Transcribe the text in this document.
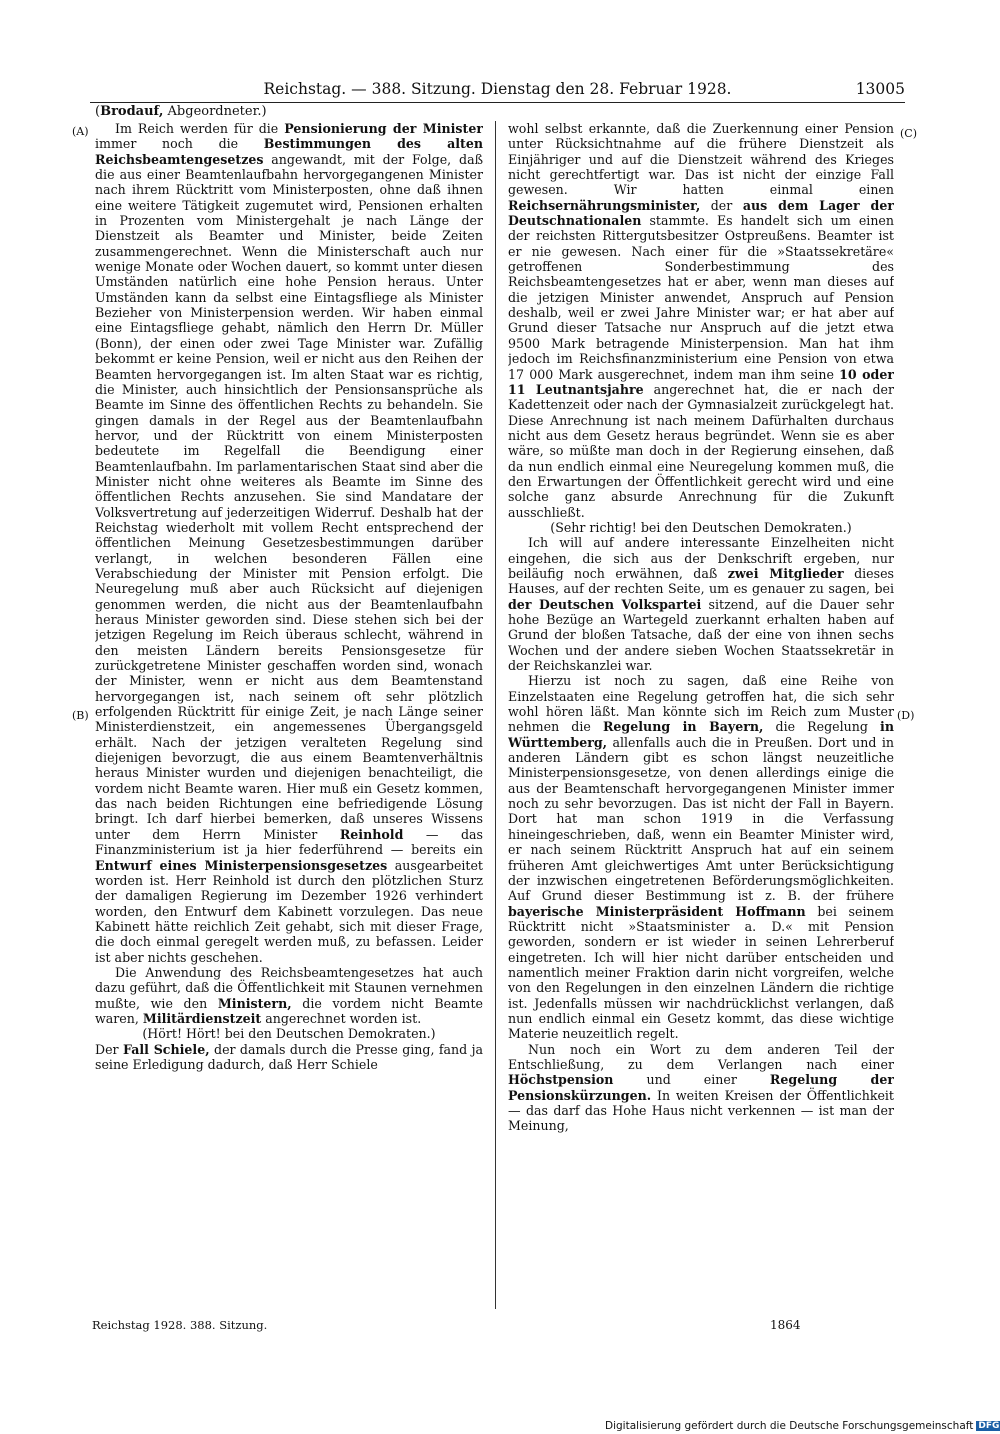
Reichstag. — 388. Sitzung. Dienstag den 28. Februar 1928.	13005
(Brodauf, Abgeordneter.)
(A)
(B)
(C)
(D)

Im Reich werden für die Pensionierung der Minister immer noch die Bestimmungen des alten Reichsbeamtengesetzes angewandt, mit der Folge, daß die aus einer Beamtenlaufbahn hervorgegangenen Minister nach ihrem Rücktritt vom Ministerposten, ohne daß ihnen eine weitere Tätigkeit zugemutet wird, Pensionen erhalten in Prozenten vom Ministergehalt je nach Länge der Dienstzeit als Beamter und Minister, beide Zeiten zusammengerechnet. Wenn die Ministerschaft auch nur wenige Monate oder Wochen dauert, so kommt unter diesen Umständen natürlich eine hohe Pension heraus. Unter Umständen kann da selbst eine Eintagsfliege als Minister Bezieher von Ministerpension werden. Wir haben einmal eine Eintagsfliege gehabt, nämlich den Herrn Dr. Müller (Bonn), der einen oder zwei Tage Minister war. Zufällig bekommt er keine Pension, weil er nicht aus den Reihen der Beamten hervorgegangen ist. Im alten Staat war es richtig, die Minister, auch hinsichtlich der Pensionsansprüche als Beamte im Sinne des öffentlichen Rechts zu behandeln. Sie gingen damals in der Regel aus der Beamtenlaufbahn hervor, und der Rücktritt von einem Ministerposten bedeutete im Regelfall die Beendigung einer Beamtenlaufbahn. Im parlamentarischen Staat sind aber die Minister nicht ohne weiteres als Beamte im Sinne des öffentlichen Rechts anzusehen. Sie sind Mandatare der Volksvertretung auf jederzeitigen Widerruf. Deshalb hat der Reichstag wiederholt mit vollem Recht entsprechend der öffentlichen Meinung Gesetzesbestimmungen darüber verlangt, in welchen besonderen Fällen eine Verabschiedung der Minister mit Pension erfolgt. Die Neuregelung muß aber auch Rücksicht auf diejenigen genommen werden, die nicht aus der Beamtenlaufbahn heraus Minister geworden sind. Diese stehen sich bei der jetzigen Regelung im Reich überaus schlecht, während in den meisten Ländern bereits Pensionsgesetze für zurückgetretene Minister geschaffen worden sind, wonach der Minister, wenn er nicht aus dem Beamtenstand hervorgegangen ist, nach seinem oft sehr plötzlich erfolgenden Rücktritt für einige Zeit, je nach Länge seiner Ministerdienstzeit, ein angemessenes Übergangsgeld erhält. Nach der jetzigen veralteten Regelung sind diejenigen bevorzugt, die aus einem Beamtenverhältnis heraus Minister wurden und diejenigen benachteiligt, die vordem nicht Beamte waren. Hier muß ein Gesetz kommen, das nach beiden Richtungen eine befriedigende Lösung bringt. Ich darf hierbei bemerken, daß unseres Wissens unter dem Herrn Minister Reinhold — das Finanzministerium ist ja hier federführend — bereits ein Entwurf eines Ministerpensionsgesetzes ausgearbeitet worden ist. Herr Reinhold ist durch den plötzlichen Sturz der damaligen Regierung im Dezember 1926 verhindert worden, den Entwurf dem Kabinett vorzulegen. Das neue Kabinett hätte reichlich Zeit gehabt, sich mit dieser Frage, die doch einmal geregelt werden muß, zu befassen. Leider ist aber nichts geschehen.

Die Anwendung des Reichsbeamtengesetzes hat auch dazu geführt, daß die Öffentlichkeit mit Staunen vernehmen mußte, wie den Ministern, die vordem nicht Beamte waren, Militärdienstzeit angerechnet worden ist.

(Hört! Hört! bei den Deutschen Demokraten.)

Der Fall Schiele, der damals durch die Presse ging, fand ja seine Erledigung dadurch, daß Herr Schiele

wohl selbst erkannte, daß die Zuerkennung einer Pension unter Rücksichtnahme auf die frühere Dienstzeit als Einjähriger und auf die Dienstzeit während des Krieges nicht gerechtfertigt war. Das ist nicht der einzige Fall gewesen. Wir hatten einmal einen Reichsernährungsminister, der aus dem Lager der Deutschnationalen stammte. Es handelt sich um einen der reichsten Rittergutsbesitzer Ostpreußens. Beamter ist er nie gewesen. Nach einer für die »Staatssekretäre« getroffenen Sonderbestimmung des Reichsbeamtengesetzes hat er aber, wenn man dieses auf die jetzigen Minister anwendet, Anspruch auf Pension deshalb, weil er zwei Jahre Minister war; er hat aber auf Grund dieser Tatsache nur Anspruch auf die jetzt etwa 9500 Mark betragende Ministerpension. Man hat ihm jedoch im Reichsfinanzministerium eine Pension von etwa 17 000 Mark ausgerechnet, indem man ihm seine 10 oder 11 Leutnantsjahre angerechnet hat, die er nach der Kadettenzeit oder nach der Gymnasialzeit zurückgelegt hat. Diese Anrechnung ist nach meinem Dafürhalten durchaus nicht aus dem Gesetz heraus begründet. Wenn sie es aber wäre, so müßte man doch in der Regierung einsehen, daß da nun endlich einmal eine Neuregelung kommen muß, die den Erwartungen der Öffentlichkeit gerecht wird und eine solche ganz absurde Anrechnung für die Zukunft ausschließt.

(Sehr richtig! bei den Deutschen Demokraten.)

Ich will auf andere interessante Einzelheiten nicht eingehen, die sich aus der Denkschrift ergeben, nur beiläufig noch erwähnen, daß zwei Mitglieder dieses Hauses, auf der rechten Seite, um es genauer zu sagen, bei der Deutschen Volkspartei sitzend, auf die Dauer sehr hohe Bezüge an Wartegeld zuerkannt erhalten haben auf Grund der bloßen Tatsache, daß der eine von ihnen sechs Wochen und der andere sieben Wochen Staatssekretär in der Reichskanzlei war.

Hierzu ist noch zu sagen, daß eine Reihe von Einzelstaaten eine Regelung getroffen hat, die sich sehr wohl hören läßt. Man könnte sich im Reich zum Muster nehmen die Regelung in Bayern, die Regelung in Württemberg, allenfalls auch die in Preußen. Dort und in anderen Ländern gibt es schon längst neuzeitliche Ministerpensionsgesetze, von denen allerdings einige die aus der Beamtenschaft hervorgegangenen Minister immer noch zu sehr bevorzugen. Das ist nicht der Fall in Bayern. Dort hat man schon 1919 in die Verfassung hineingeschrieben, daß, wenn ein Beamter Minister wird, er nach seinem Rücktritt Anspruch hat auf ein seinem früheren Amt gleichwertiges Amt unter Berücksichtigung der inzwischen eingetretenen Beförderungsmöglichkeiten. Auf Grund dieser Bestimmung ist z. B. der frühere bayerische Ministerpräsident Hoffmann bei seinem Rücktritt nicht »Staatsminister a. D.« mit Pension geworden, sondern er ist wieder in seinen Lehrerberuf eingetreten. Ich will hier nicht darüber entscheiden und namentlich meiner Fraktion darin nicht vorgreifen, welche von den Regelungen in den einzelnen Ländern die richtige ist. Jedenfalls müssen wir nachdrücklichst verlangen, daß nun endlich einmal ein Gesetz kommt, das diese wichtige Materie neuzeitlich regelt.

Nun noch ein Wort zu dem anderen Teil der Entschließung, zu dem Verlangen nach einer Höchstpension und einer Regelung der Pensionskürzungen. In weiten Kreisen der Öffentlichkeit — das darf das Hohe Haus nicht verkennen — ist man der Meinung,

Reichstag 1928. 388. Sitzung.	1864
Digitalisierung gefördert durch die Deutsche Forschungsgemeinschaft DFG
